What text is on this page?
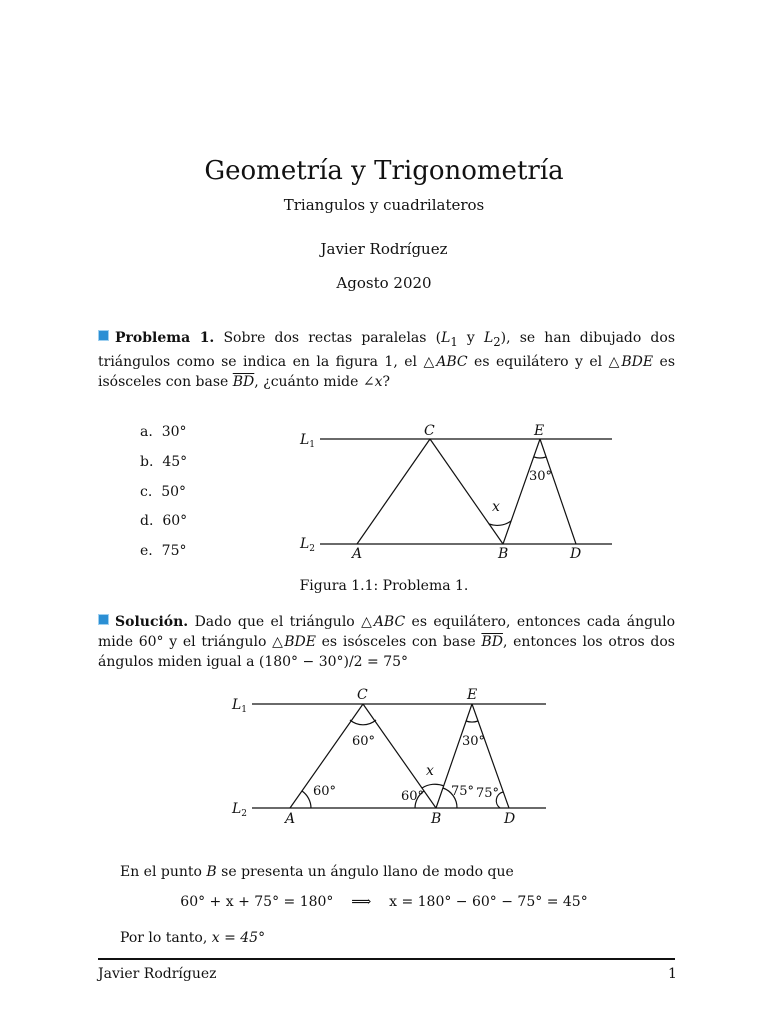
Geometría y Trigonometría
Triangulos y cuadrilateros
Javier Rodríguez
Agosto 2020
Problema 1. Sobre dos rectas paralelas ($L_1$ y $L_2$), se han dibujado dos triángulos como se indica en la figura 1, el △ABC es equilátero y el △BDE es isósceles con base $\overline{BD}$, ¿cuánto mide ∠x?
a. 30°
b. 45°
c. 50°
d. 60°
e. 75°
$L_1$
$L_2$
C	E
A	B	D
x
30°
Figura 1.1: Problema 1.
Solución. Dado que el triángulo △ABC es equilátero, entonces cada ángulo mide 60° y el triángulo △BDE es isósceles con base $\overline{BD}$, entonces los otros dos ángulos miden igual a (180° − 30°)/2 = 75°
$L_1$
$L_2$
C	E
A	B	D
x
60°	30°
60°	60° 75° 75°
En el punto B se presenta un ángulo llano de modo que
60° + x + 75° = 180°    ⟹    x = 180° − 60° − 75° = 45°
Por lo tanto, x = 45°
Javier Rodríguez	1
